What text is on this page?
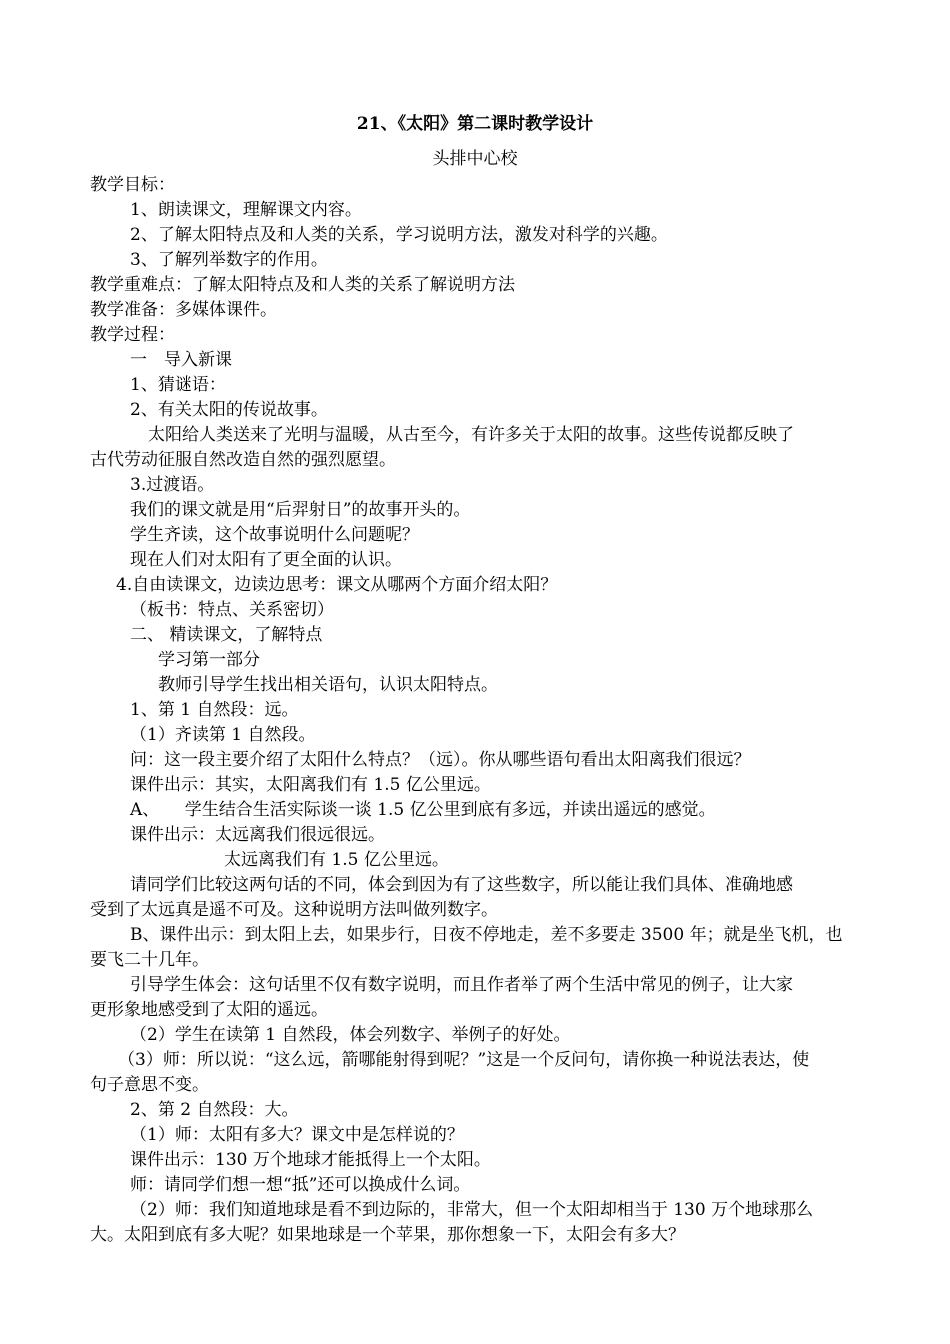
21、《太阳》第二课时教学设计
头排中心校
教学目标：
1、朗读课文，理解课文内容。
2、了解太阳特点及和人类的关系，学习说明方法，激发对科学的兴趣。
3、了解列举数字的作用。
教学重难点：了解太阳特点及和人类的关系了解说明方法
教学准备：多媒体课件。
教学过程：
一　导入新课
1、猜谜语：
2、有关太阳的传说故事。
太阳给人类送来了光明与温暖，从古至今，有许多关于太阳的故事。这些传说都反映了
古代劳动征服自然改造自然的强烈愿望。
3.过渡语。
我们的课文就是用“后羿射日”的故事开头的。
学生齐读，这个故事说明什么问题呢？
现在人们对太阳有了更全面的认识。
4.自由读课文，边读边思考：课文从哪两个方面介绍太阳？
（板书：特点、关系密切）
二、 精读课文，了解特点
学习第一部分
教师引导学生找出相关语句，认识太阳特点。
1、第 1 自然段：远。
（1）齐读第 1 自然段。
问：这一段主要介绍了太阳什么特点？（远）。你从哪些语句看出太阳离我们很远？
课件出示：其实，太阳离我们有 1.5 亿公里远。
A、　　学生结合生活实际谈一谈 1.5 亿公里到底有多远，并读出遥远的感觉。
课件出示：太远离我们很远很远。
太远离我们有 1.5 亿公里远。
请同学们比较这两句话的不同，体会到因为有了这些数字，所以能让我们具体、准确地感
受到了太远真是遥不可及。这种说明方法叫做列数字。
B、课件出示：到太阳上去，如果步行，日夜不停地走，差不多要走 3500 年；就是坐飞机，也
要飞二十几年。
引导学生体会：这句话里不仅有数字说明，而且作者举了两个生活中常见的例子，让大家
更形象地感受到了太阳的遥远。
（2）学生在读第 1 自然段，体会列数字、举例子的好处。
（3）师：所以说：“这么远，箭哪能射得到呢？”这是一个反问句，请你换一种说法表达，使
句子意思不变。
2、第 2 自然段：大。
（1）师：太阳有多大？课文中是怎样说的？
课件出示：130 万个地球才能抵得上一个太阳。
师：请同学们想一想“抵”还可以换成什么词。
（2）师：我们知道地球是看不到边际的，非常大，但一个太阳却相当于 130 万个地球那么
大。太阳到底有多大呢？如果地球是一个苹果，那你想象一下，太阳会有多大？
